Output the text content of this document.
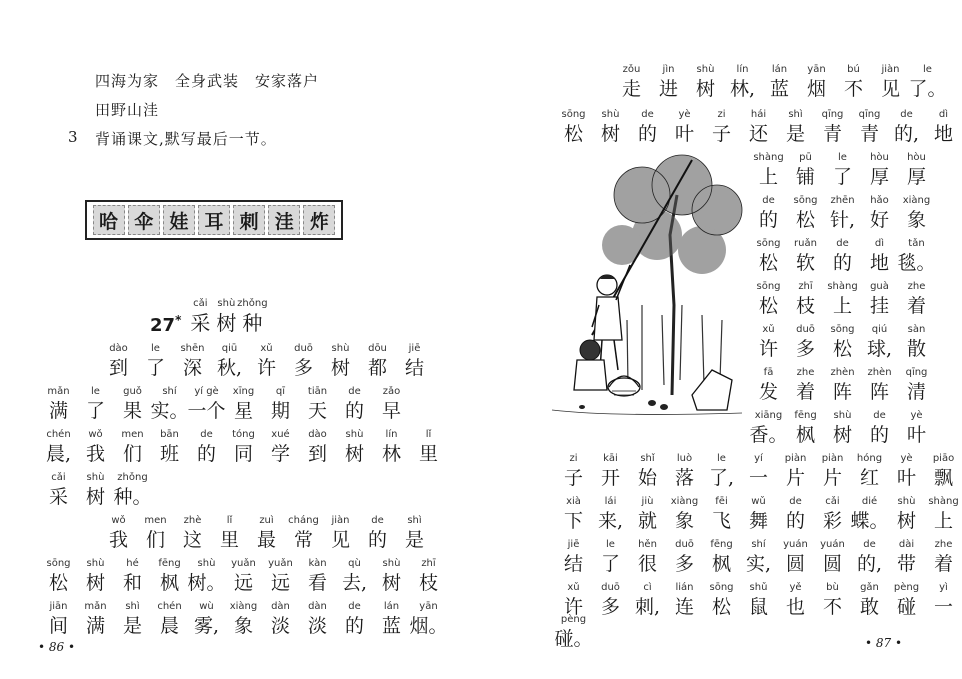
四海为家　全身武装　安家落户
田野山洼
3 背诵课文,默写最后一节。
哈 伞 娃 耳 刺 洼 炸
27*
cǎi
采
shù
树
zhǒng
种
dào
到
le
了
shēn
深
qiū
秋,
xǔ
许
duō
多
shù
树
dōu
都
jiē
结
mǎn
满
le
了
guǒ
果
shí
实。
yí gè
一个
xīng
星
qī
期
tiān
天
de
的
zǎo
早
chén
晨,
wǒ
我
men
们
bān
班
de
的
tóng
同
xué
学
dào
到
shù
树
lín
林
lǐ
里
cǎi
采
shù
树
zhǒng
种。
wǒ
我
men
们
zhè
这
lǐ
里
zuì
最
cháng
常
jiàn
见
de
的
shì
是
sōng
松
shù
树
hé
和
fēng
枫
shù
树。
yuǎn
远
yuǎn
远
kàn
看
qù
去,
shù
树
zhī
枝
jiān
间
mǎn
满
shì
是
chén
晨
wù
雾,
xiàng
象
dàn
淡
dàn
淡
de
的
lán
蓝
yān
烟。
• 86 •
zǒu
走
jìn
进
shù
树
lín
林,
lán
蓝
yān
烟
bú
不
jiàn
见
le
了。
sōng
松
shù
树
de
的
yè
叶
zi
子
hái
还
shì
是
qīng
青
qīng
青
de
的,
dì
地
shàng
上
pū
铺
le
了
hòu
厚
hòu
厚
de
的
sōng
松
zhēn
针,
hǎo
好
xiàng
象
sōng
松
ruǎn
软
de
的
dì
地
tǎn
毯。
sōng
松
zhī
枝
shàng
上
guà
挂
zhe
着
xǔ
许
duō
多
sōng
松
qiú
球,
sàn
散
fā
发
zhe
着
zhèn
阵
zhèn
阵
qīng
清
xiāng
香。
fēng
枫
shù
树
de
的
yè
叶
zi
子
kāi
开
shǐ
始
luò
落
le
了,
yí
一
piàn
片
piàn
片
hóng
红
yè
叶
piāo
飘
xià
下
lái
来,
jiù
就
xiàng
象
fēi
飞
wǔ
舞
de
的
cǎi
彩
dié
蝶。
shù
树
shàng
上
jiē
结
le
了
hěn
很
duō
多
fēng
枫
shí
实,
yuán
圆
yuán
圆
de
的,
dài
带
zhe
着
xǔ
许
duō
多
cì
刺,
lián
连
sōng
松
shǔ
鼠
yě
也
bù
不
gǎn
敢
pèng
碰
yì
一
pèng
碰。	• 87 •
